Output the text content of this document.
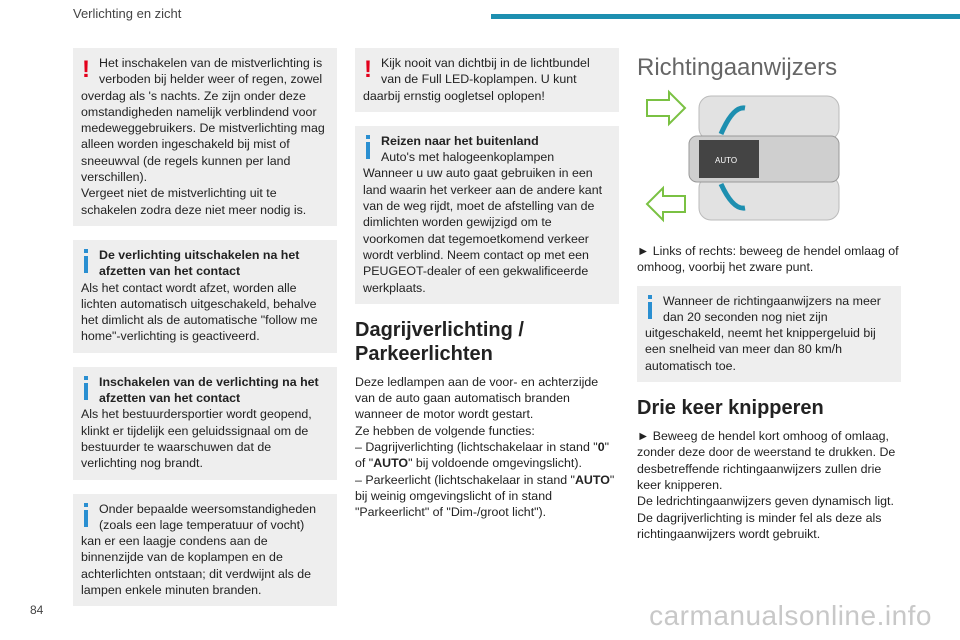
Verlichting en zicht
! Het inschakelen van de mistverlichting is

verboden bij helder weer of regen, zowel

overdag als 's nachts. Ze zijn onder deze omstandigheden namelijk verblindend voor medeweggebruikers. De mistverlichting mag alleen worden ingeschakeld bij mist of sneeuwval (de regels kunnen per land verschillen).

Vergeet niet de mistverlichting uit te schakelen zodra deze niet meer nodig is.

De verlichting uitschakelen na het

afzetten van het contact

Als het contact wordt afzet, worden alle lichten automatisch uitgeschakeld, behalve het dimlicht als de automatische "follow me home"-verlichting is geactiveerd.

Inschakelen van de verlichting na het

afzetten van het contact

Als het bestuurdersportier wordt geopend, klinkt er tijdelijk een geluidssignaal om de bestuurder te waarschuwen dat de verlichting nog brandt.

Onder bepaalde weersomstandigheden

(zoals een lage temperatuur of vocht)

kan er een laagje condens aan de binnenzijde van de koplampen en de achterlichten ontstaan; dit verdwijnt als de lampen enkele minuten branden.

! Kijk nooit van dichtbij in de lichtbundel

van de Full LED-koplampen. U kunt

daarbij ernstig oogletsel oplopen!

Reizen naar het buitenland

Auto's met halogeenkoplampen

Wanneer u uw auto gaat gebruiken in een land waarin het verkeer aan de andere kant van de weg rijdt, moet de afstelling van de dimlichten worden gewijzigd om te voorkomen dat tegemoetkomend verkeer wordt verblind. Neem contact op met een PEUGEOT-dealer of een gekwalificeerde werkplaats.

Dagrijverlichting / Parkeerlichten

Deze ledlampen aan de voor- en achterzijde van de auto gaan automatisch branden wanneer de motor wordt gestart.

Ze hebben de volgende functies:

– Dagrijverlichting (lichtschakelaar in stand "0" of "AUTO" bij voldoende omgevingslicht).

– Parkeerlicht (lichtschakelaar in stand "AUTO" bij weinig omgevingslicht of in stand "Parkeerlicht" of "Dim-/groot licht").

Richtingaanwijzers
AUTO

► Links of rechts: beweeg de hendel omlaag of omhoog, voorbij het zware punt.

Wanneer de richtingaanwijzers na meer

dan 20 seconden nog niet zijn

uitgeschakeld, neemt het knippergeluid bij een snelheid van meer dan 80 km/h automatisch toe.

Drie keer knipperen

► Beweeg de hendel kort omhoog of omlaag, zonder deze door de weerstand te drukken. De desbetreffende richtingaanwijzers zullen drie keer knipperen.

De ledrichtingaanwijzers geven dynamisch ligt. De dagrijverlichting is minder fel als deze als richtingaanwijzers wordt gebruikt.

84	carmanualsonline.info
